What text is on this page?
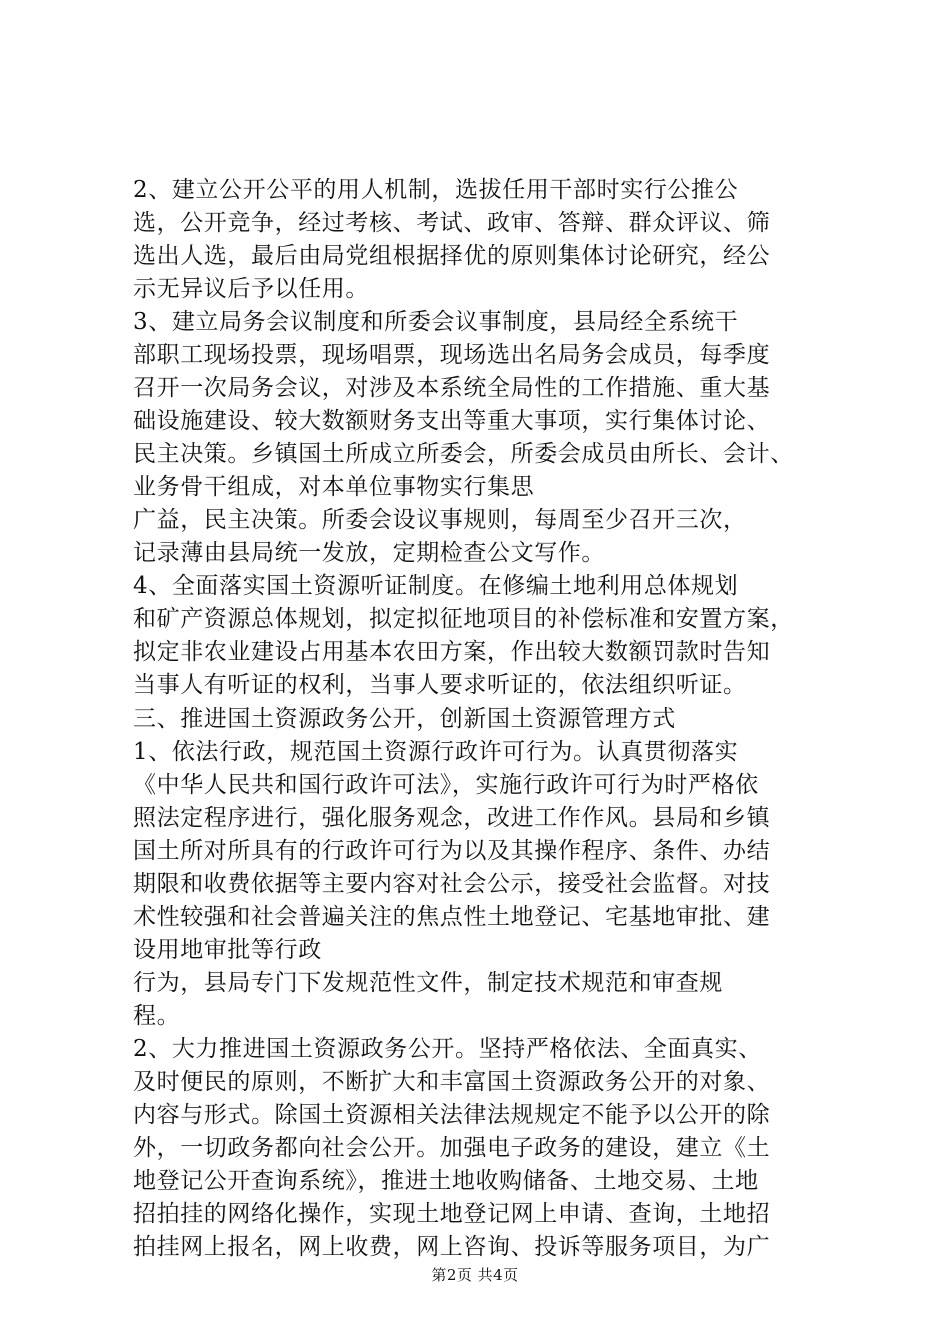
2、建立公开公平的用人机制，选拔任用干部时实行公推公
选，公开竞争，经过考核、考试、政审、答辩、群众评议、筛
选出人选，最后由局党组根据择优的原则集体讨论研究，经公
示无异议后予以任用。
3、建立局务会议制度和所委会议事制度，县局经全系统干
部职工现场投票，现场唱票，现场选出名局务会成员，每季度
召开一次局务会议，对涉及本系统全局性的工作措施、重大基
础设施建设、较大数额财务支出等重大事项，实行集体讨论、
民主决策。乡镇国土所成立所委会，所委会成员由所长、会计、
业务骨干组成，对本单位事物实行集思
广益，民主决策。所委会设议事规则，每周至少召开三次，
记录薄由县局统一发放，定期检查公文写作。
4、全面落实国土资源听证制度。在修编土地利用总体规划
和矿产资源总体规划，拟定拟征地项目的补偿标准和安置方案，
拟定非农业建设占用基本农田方案，作出较大数额罚款时告知
当事人有听证的权利，当事人要求听证的，依法组织听证。
三、推进国土资源政务公开，创新国土资源管理方式
1、依法行政，规范国土资源行政许可行为。认真贯彻落实
《中华人民共和国行政许可法》，实施行政许可行为时严格依
照法定程序进行，强化服务观念，改进工作作风。县局和乡镇
国土所对所具有的行政许可行为以及其操作程序、条件、办结
期限和收费依据等主要内容对社会公示，接受社会监督。对技
术性较强和社会普遍关注的焦点性土地登记、宅基地审批、建
设用地审批等行政
行为，县局专门下发规范性文件，制定技术规范和审查规
程。
2、大力推进国土资源政务公开。坚持严格依法、全面真实、
及时便民的原则，不断扩大和丰富国土资源政务公开的对象、
内容与形式。除国土资源相关法律法规规定不能予以公开的除
外，一切政务都向社会公开。加强电子政务的建设，建立《土
地登记公开查询系统》，推进土地收购储备、土地交易、土地
招拍挂的网络化操作，实现土地登记网上申请、查询，土地招
拍挂网上报名，网上收费，网上咨询、投诉等服务项目，为广
第2页 共4页
